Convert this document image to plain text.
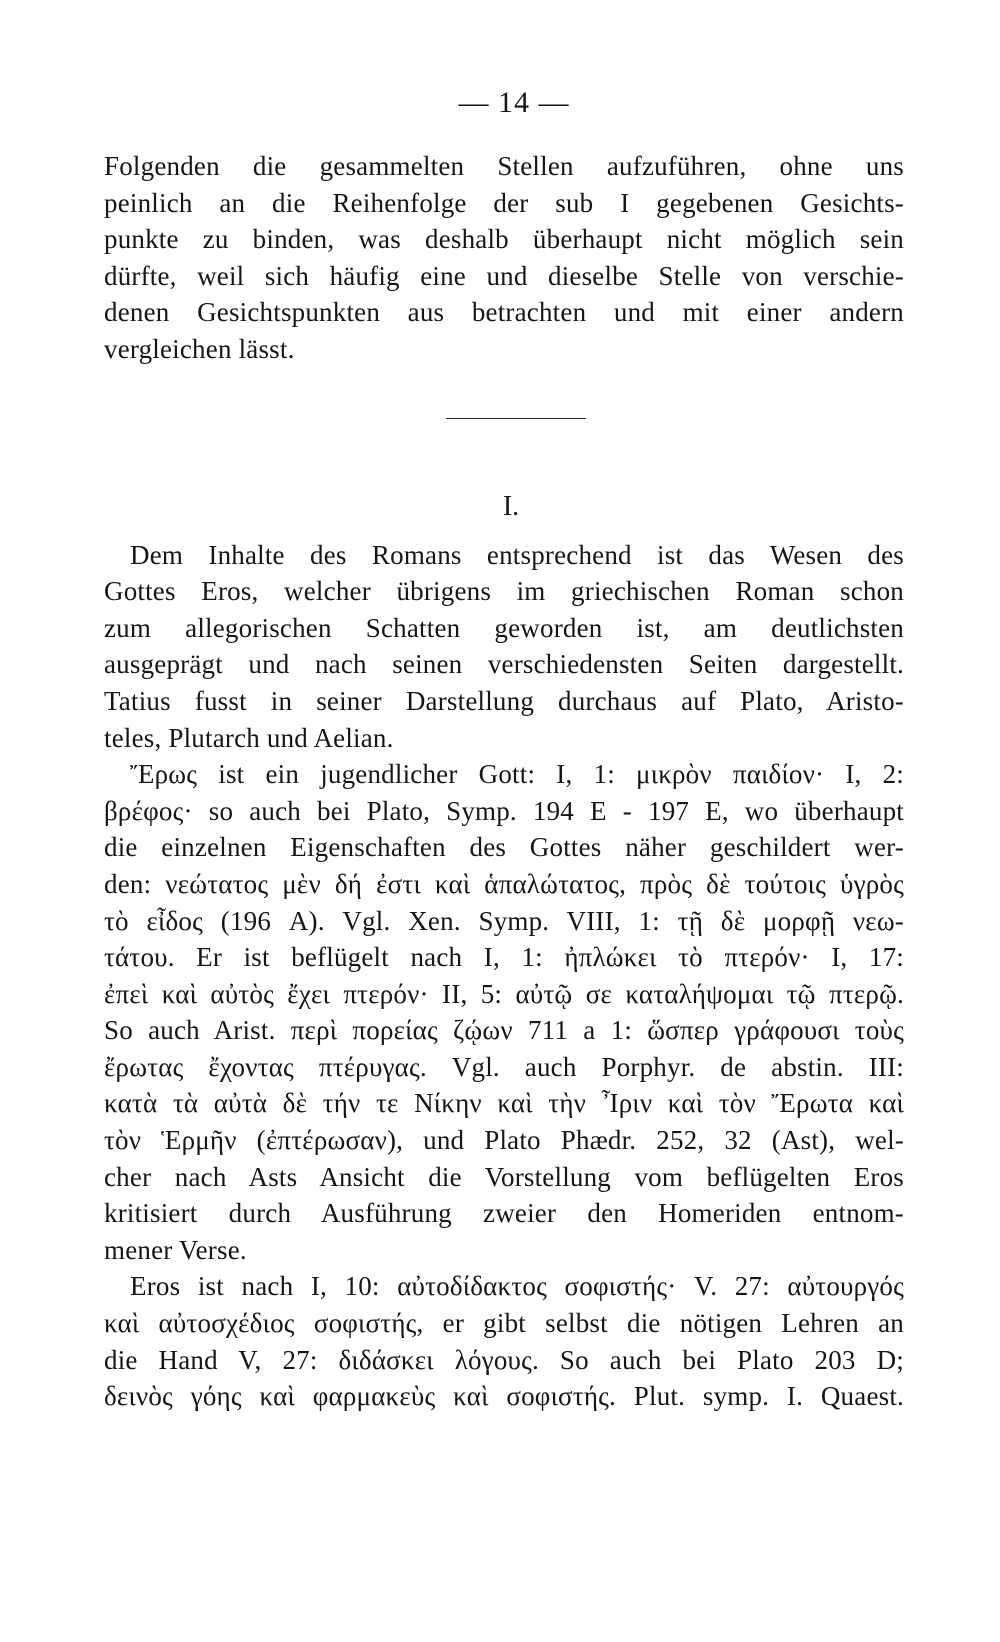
— 14 —
Folgenden die gesammelten Stellen aufzuführen, ohne uns
peinlich an die Reihenfolge der sub I gegebenen Gesichts-
punkte zu binden, was deshalb überhaupt nicht möglich sein
dürfte, weil sich häufig eine und dieselbe Stelle von verschie-
denen Gesichtspunkten aus betrachten und mit einer andern
vergleichen lässt.
I.
Dem Inhalte des Romans entsprechend ist das Wesen des
Gottes Eros, welcher übrigens im griechischen Roman schon
zum allegorischen Schatten geworden ist, am deutlichsten
ausgeprägt und nach seinen verschiedensten Seiten dargestellt.
Tatius fusst in seiner Darstellung durchaus auf Plato, Aristo-
teles, Plutarch und Aelian.
Ἔρως ist ein jugendlicher Gott: I, 1: μικρὸν παιδίον· I, 2:
βρέφος· so auch bei Plato, Symp. 194 E - 197 E, wo überhaupt
die einzelnen Eigenschaften des Gottes näher geschildert wer-
den: νεώτατος μὲν δή ἐστι καὶ ἁπαλώτατος, πρὸς δὲ τούτοις ὑγρὸς
τὸ εἶδος (196 A). Vgl. Xen. Symp. VIII, 1: τῇ δὲ μορφῇ νεω-
τάτου. Er ist beflügelt nach I, 1: ἠπλώκει τὸ πτερόν· I, 17:
ἐπεὶ καὶ αὐτὸς ἔχει πτερόν· II, 5: αὐτῷ σε καταλήψομαι τῷ πτερῷ.
So auch Arist. περὶ πορείας ζῴων 711 a 1: ὥσπερ γράφουσι τοὺς
ἔρωτας ἔχοντας πτέρυγας. Vgl. auch Porphyr. de abstin. III:
κατὰ τὰ αὐτὰ δὲ τήν τε Νίκην καὶ τὴν Ἶριν καὶ τὸν Ἔρωτα καὶ
τὸν Ἑρμῆν (ἐπτέρωσαν), und Plato Phædr. 252, 32 (Ast), wel-
cher nach Asts Ansicht die Vorstellung vom beflügelten Eros
kritisiert durch Ausführung zweier den Homeriden entnom-
mener Verse.
Eros ist nach I, 10: αὐτοδίδακτος σοφιστής· V. 27: αὐτουργός
καὶ αὐτοσχέδιος σοφιστής, er gibt selbst die nötigen Lehren an
die Hand V, 27: διδάσκει λόγους. So auch bei Plato 203 D;
δεινὸς γόης καὶ φαρμακεὺς καὶ σοφιστής. Plut. symp. I. Quaest.
